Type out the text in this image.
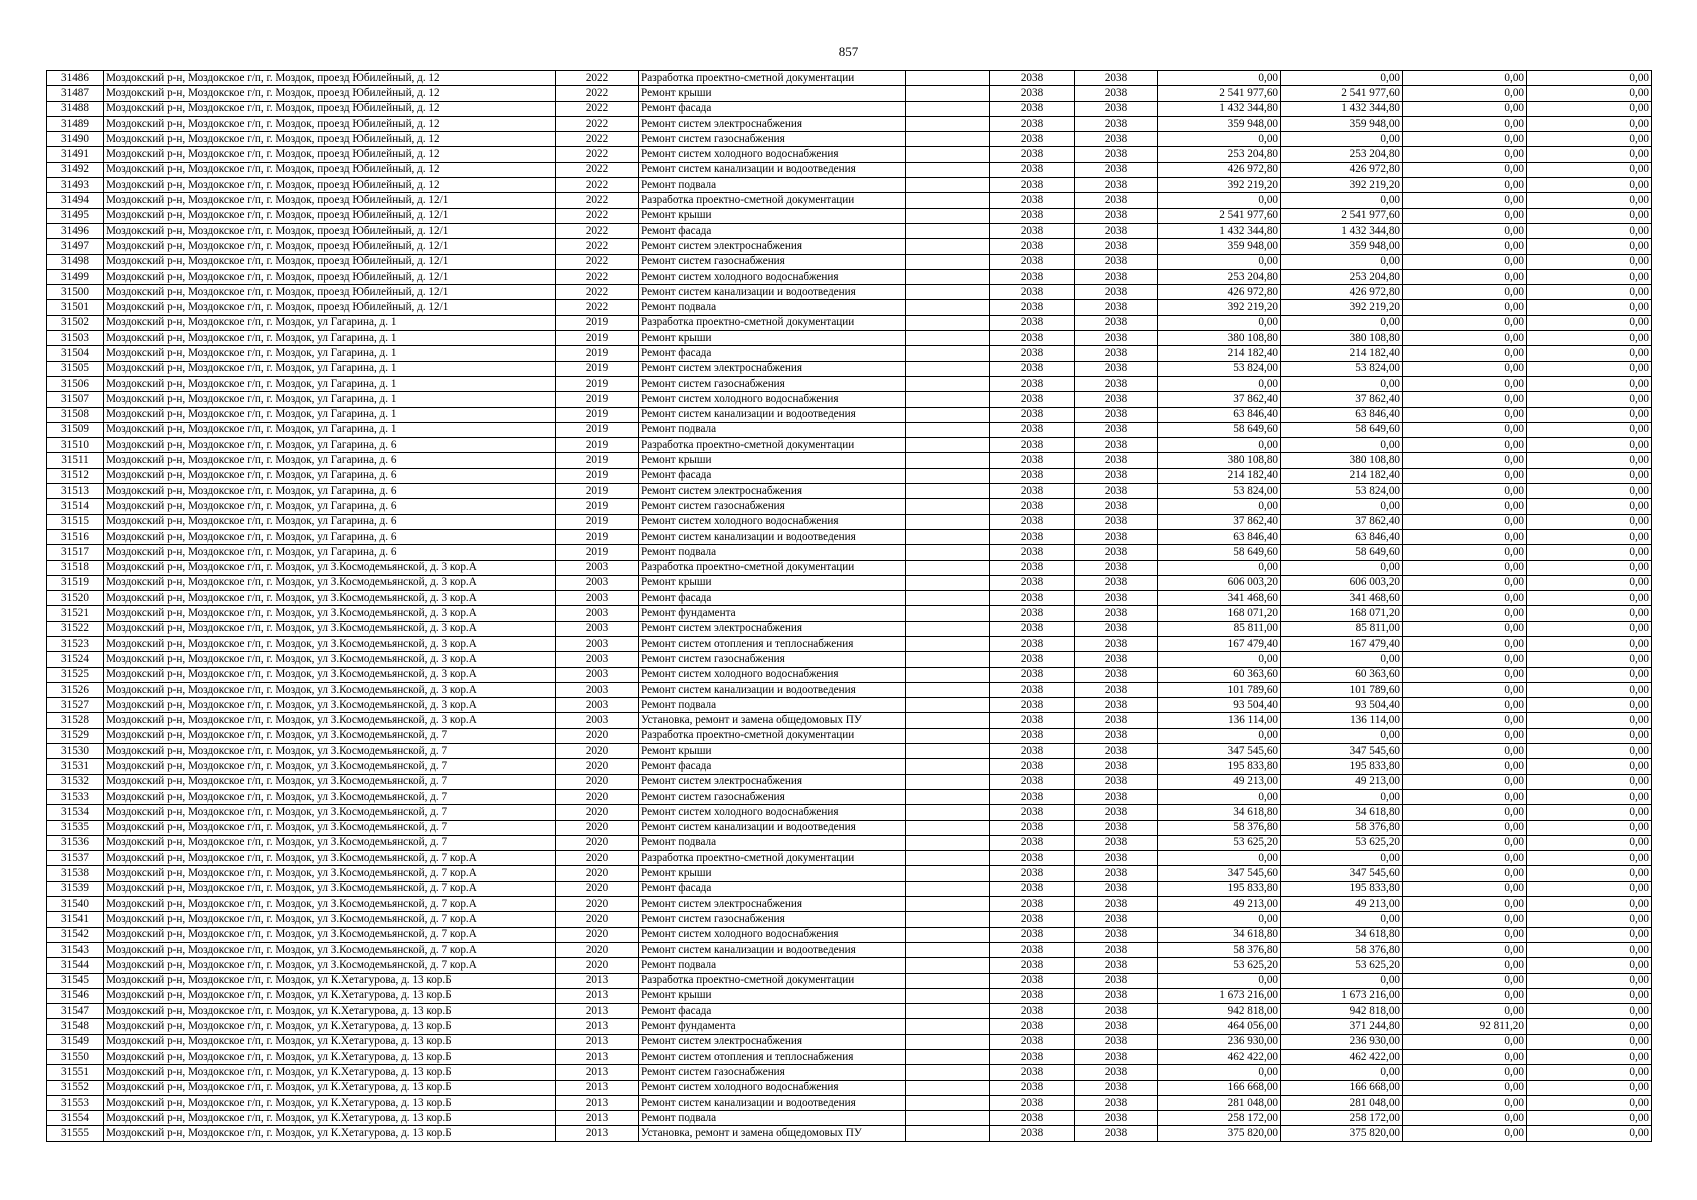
857
31486	Моздокский р-н, Моздокское г/п, г. Моздок, проезд Юбилейный, д. 12	2022	Разработка проектно-сметной документации		2038	2038	0,00	0,00	0,00	0,00
31487	Моздокский р-н, Моздокское г/п, г. Моздок, проезд Юбилейный, д. 12	2022	Ремонт крыши		2038	2038	2 541 977,60	2 541 977,60	0,00	0,00
31488	Моздокский р-н, Моздокское г/п, г. Моздок, проезд Юбилейный, д. 12	2022	Ремонт фасада		2038	2038	1 432 344,80	1 432 344,80	0,00	0,00
31489	Моздокский р-н, Моздокское г/п, г. Моздок, проезд Юбилейный, д. 12	2022	Ремонт систем электроснабжения		2038	2038	359 948,00	359 948,00	0,00	0,00
31490	Моздокский р-н, Моздокское г/п, г. Моздок, проезд Юбилейный, д. 12	2022	Ремонт систем газоснабжения		2038	2038	0,00	0,00	0,00	0,00
31491	Моздокский р-н, Моздокское г/п, г. Моздок, проезд Юбилейный, д. 12	2022	Ремонт систем холодного водоснабжения		2038	2038	253 204,80	253 204,80	0,00	0,00
31492	Моздокский р-н, Моздокское г/п, г. Моздок, проезд Юбилейный, д. 12	2022	Ремонт систем канализации и водоотведения		2038	2038	426 972,80	426 972,80	0,00	0,00
31493	Моздокский р-н, Моздокское г/п, г. Моздок, проезд Юбилейный, д. 12	2022	Ремонт подвала		2038	2038	392 219,20	392 219,20	0,00	0,00
31494	Моздокский р-н, Моздокское г/п, г. Моздок, проезд Юбилейный, д. 12/1	2022	Разработка проектно-сметной документации		2038	2038	0,00	0,00	0,00	0,00
31495	Моздокский р-н, Моздокское г/п, г. Моздок, проезд Юбилейный, д. 12/1	2022	Ремонт крыши		2038	2038	2 541 977,60	2 541 977,60	0,00	0,00
31496	Моздокский р-н, Моздокское г/п, г. Моздок, проезд Юбилейный, д. 12/1	2022	Ремонт фасада		2038	2038	1 432 344,80	1 432 344,80	0,00	0,00
31497	Моздокский р-н, Моздокское г/п, г. Моздок, проезд Юбилейный, д. 12/1	2022	Ремонт систем электроснабжения		2038	2038	359 948,00	359 948,00	0,00	0,00
31498	Моздокский р-н, Моздокское г/п, г. Моздок, проезд Юбилейный, д. 12/1	2022	Ремонт систем газоснабжения		2038	2038	0,00	0,00	0,00	0,00
31499	Моздокский р-н, Моздокское г/п, г. Моздок, проезд Юбилейный, д. 12/1	2022	Ремонт систем холодного водоснабжения		2038	2038	253 204,80	253 204,80	0,00	0,00
31500	Моздокский р-н, Моздокское г/п, г. Моздок, проезд Юбилейный, д. 12/1	2022	Ремонт систем канализации и водоотведения		2038	2038	426 972,80	426 972,80	0,00	0,00
31501	Моздокский р-н, Моздокское г/п, г. Моздок, проезд Юбилейный, д. 12/1	2022	Ремонт подвала		2038	2038	392 219,20	392 219,20	0,00	0,00
31502	Моздокский р-н, Моздокское г/п, г. Моздок, ул Гагарина, д. 1	2019	Разработка проектно-сметной документации		2038	2038	0,00	0,00	0,00	0,00
31503	Моздокский р-н, Моздокское г/п, г. Моздок, ул Гагарина, д. 1	2019	Ремонт крыши		2038	2038	380 108,80	380 108,80	0,00	0,00
31504	Моздокский р-н, Моздокское г/п, г. Моздок, ул Гагарина, д. 1	2019	Ремонт фасада		2038	2038	214 182,40	214 182,40	0,00	0,00
31505	Моздокский р-н, Моздокское г/п, г. Моздок, ул Гагарина, д. 1	2019	Ремонт систем электроснабжения		2038	2038	53 824,00	53 824,00	0,00	0,00
31506	Моздокский р-н, Моздокское г/п, г. Моздок, ул Гагарина, д. 1	2019	Ремонт систем газоснабжения		2038	2038	0,00	0,00	0,00	0,00
31507	Моздокский р-н, Моздокское г/п, г. Моздок, ул Гагарина, д. 1	2019	Ремонт систем холодного водоснабжения		2038	2038	37 862,40	37 862,40	0,00	0,00
31508	Моздокский р-н, Моздокское г/п, г. Моздок, ул Гагарина, д. 1	2019	Ремонт систем канализации и водоотведения		2038	2038	63 846,40	63 846,40	0,00	0,00
31509	Моздокский р-н, Моздокское г/п, г. Моздок, ул Гагарина, д. 1	2019	Ремонт подвала		2038	2038	58 649,60	58 649,60	0,00	0,00
31510	Моздокский р-н, Моздокское г/п, г. Моздок, ул Гагарина, д. 6	2019	Разработка проектно-сметной документации		2038	2038	0,00	0,00	0,00	0,00
31511	Моздокский р-н, Моздокское г/п, г. Моздок, ул Гагарина, д. 6	2019	Ремонт крыши		2038	2038	380 108,80	380 108,80	0,00	0,00
31512	Моздокский р-н, Моздокское г/п, г. Моздок, ул Гагарина, д. 6	2019	Ремонт фасада		2038	2038	214 182,40	214 182,40	0,00	0,00
31513	Моздокский р-н, Моздокское г/п, г. Моздок, ул Гагарина, д. 6	2019	Ремонт систем электроснабжения		2038	2038	53 824,00	53 824,00	0,00	0,00
31514	Моздокский р-н, Моздокское г/п, г. Моздок, ул Гагарина, д. 6	2019	Ремонт систем газоснабжения		2038	2038	0,00	0,00	0,00	0,00
31515	Моздокский р-н, Моздокское г/п, г. Моздок, ул Гагарина, д. 6	2019	Ремонт систем холодного водоснабжения		2038	2038	37 862,40	37 862,40	0,00	0,00
31516	Моздокский р-н, Моздокское г/п, г. Моздок, ул Гагарина, д. 6	2019	Ремонт систем канализации и водоотведения		2038	2038	63 846,40	63 846,40	0,00	0,00
31517	Моздокский р-н, Моздокское г/п, г. Моздок, ул Гагарина, д. 6	2019	Ремонт подвала		2038	2038	58 649,60	58 649,60	0,00	0,00
31518	Моздокский р-н, Моздокское г/п, г. Моздок, ул З.Космодемьянской, д. 3 кор.А	2003	Разработка проектно-сметной документации		2038	2038	0,00	0,00	0,00	0,00
31519	Моздокский р-н, Моздокское г/п, г. Моздок, ул З.Космодемьянской, д. 3 кор.А	2003	Ремонт крыши		2038	2038	606 003,20	606 003,20	0,00	0,00
31520	Моздокский р-н, Моздокское г/п, г. Моздок, ул З.Космодемьянской, д. 3 кор.А	2003	Ремонт фасада		2038	2038	341 468,60	341 468,60	0,00	0,00
31521	Моздокский р-н, Моздокское г/п, г. Моздок, ул З.Космодемьянской, д. 3 кор.А	2003	Ремонт фундамента		2038	2038	168 071,20	168 071,20	0,00	0,00
31522	Моздокский р-н, Моздокское г/п, г. Моздок, ул З.Космодемьянской, д. 3 кор.А	2003	Ремонт систем электроснабжения		2038	2038	85 811,00	85 811,00	0,00	0,00
31523	Моздокский р-н, Моздокское г/п, г. Моздок, ул З.Космодемьянской, д. 3 кор.А	2003	Ремонт систем отопления и теплоснабжения		2038	2038	167 479,40	167 479,40	0,00	0,00
31524	Моздокский р-н, Моздокское г/п, г. Моздок, ул З.Космодемьянской, д. 3 кор.А	2003	Ремонт систем газоснабжения		2038	2038	0,00	0,00	0,00	0,00
31525	Моздокский р-н, Моздокское г/п, г. Моздок, ул З.Космодемьянской, д. 3 кор.А	2003	Ремонт систем холодного водоснабжения		2038	2038	60 363,60	60 363,60	0,00	0,00
31526	Моздокский р-н, Моздокское г/п, г. Моздок, ул З.Космодемьянской, д. 3 кор.А	2003	Ремонт систем канализации и водоотведения		2038	2038	101 789,60	101 789,60	0,00	0,00
31527	Моздокский р-н, Моздокское г/п, г. Моздок, ул З.Космодемьянской, д. 3 кор.А	2003	Ремонт подвала		2038	2038	93 504,40	93 504,40	0,00	0,00
31528	Моздокский р-н, Моздокское г/п, г. Моздок, ул З.Космодемьянской, д. 3 кор.А	2003	Установка, ремонт и замена общедомовых ПУ		2038	2038	136 114,00	136 114,00	0,00	0,00
31529	Моздокский р-н, Моздокское г/п, г. Моздок, ул З.Космодемьянской, д. 7	2020	Разработка проектно-сметной документации		2038	2038	0,00	0,00	0,00	0,00
31530	Моздокский р-н, Моздокское г/п, г. Моздок, ул З.Космодемьянской, д. 7	2020	Ремонт крыши		2038	2038	347 545,60	347 545,60	0,00	0,00
31531	Моздокский р-н, Моздокское г/п, г. Моздок, ул З.Космодемьянской, д. 7	2020	Ремонт фасада		2038	2038	195 833,80	195 833,80	0,00	0,00
31532	Моздокский р-н, Моздокское г/п, г. Моздок, ул З.Космодемьянской, д. 7	2020	Ремонт систем электроснабжения		2038	2038	49 213,00	49 213,00	0,00	0,00
31533	Моздокский р-н, Моздокское г/п, г. Моздок, ул З.Космодемьянской, д. 7	2020	Ремонт систем газоснабжения		2038	2038	0,00	0,00	0,00	0,00
31534	Моздокский р-н, Моздокское г/п, г. Моздок, ул З.Космодемьянской, д. 7	2020	Ремонт систем холодного водоснабжения		2038	2038	34 618,80	34 618,80	0,00	0,00
31535	Моздокский р-н, Моздокское г/п, г. Моздок, ул З.Космодемьянской, д. 7	2020	Ремонт систем канализации и водоотведения		2038	2038	58 376,80	58 376,80	0,00	0,00
31536	Моздокский р-н, Моздокское г/п, г. Моздок, ул З.Космодемьянской, д. 7	2020	Ремонт подвала		2038	2038	53 625,20	53 625,20	0,00	0,00
31537	Моздокский р-н, Моздокское г/п, г. Моздок, ул З.Космодемьянской, д. 7 кор.А	2020	Разработка проектно-сметной документации		2038	2038	0,00	0,00	0,00	0,00
31538	Моздокский р-н, Моздокское г/п, г. Моздок, ул З.Космодемьянской, д. 7 кор.А	2020	Ремонт крыши		2038	2038	347 545,60	347 545,60	0,00	0,00
31539	Моздокский р-н, Моздокское г/п, г. Моздок, ул З.Космодемьянской, д. 7 кор.А	2020	Ремонт фасада		2038	2038	195 833,80	195 833,80	0,00	0,00
31540	Моздокский р-н, Моздокское г/п, г. Моздок, ул З.Космодемьянской, д. 7 кор.А	2020	Ремонт систем электроснабжения		2038	2038	49 213,00	49 213,00	0,00	0,00
31541	Моздокский р-н, Моздокское г/п, г. Моздок, ул З.Космодемьянской, д. 7 кор.А	2020	Ремонт систем газоснабжения		2038	2038	0,00	0,00	0,00	0,00
31542	Моздокский р-н, Моздокское г/п, г. Моздок, ул З.Космодемьянской, д. 7 кор.А	2020	Ремонт систем холодного водоснабжения		2038	2038	34 618,80	34 618,80	0,00	0,00
31543	Моздокский р-н, Моздокское г/п, г. Моздок, ул З.Космодемьянской, д. 7 кор.А	2020	Ремонт систем канализации и водоотведения		2038	2038	58 376,80	58 376,80	0,00	0,00
31544	Моздокский р-н, Моздокское г/п, г. Моздок, ул З.Космодемьянской, д. 7 кор.А	2020	Ремонт подвала		2038	2038	53 625,20	53 625,20	0,00	0,00
31545	Моздокский р-н, Моздокское г/п, г. Моздок, ул К.Хетагурова, д. 13 кор.Б	2013	Разработка проектно-сметной документации		2038	2038	0,00	0,00	0,00	0,00
31546	Моздокский р-н, Моздокское г/п, г. Моздок, ул К.Хетагурова, д. 13 кор.Б	2013	Ремонт крыши		2038	2038	1 673 216,00	1 673 216,00	0,00	0,00
31547	Моздокский р-н, Моздокское г/п, г. Моздок, ул К.Хетагурова, д. 13 кор.Б	2013	Ремонт фасада		2038	2038	942 818,00	942 818,00	0,00	0,00
31548	Моздокский р-н, Моздокское г/п, г. Моздок, ул К.Хетагурова, д. 13 кор.Б	2013	Ремонт фундамента		2038	2038	464 056,00	371 244,80	92 811,20	0,00
31549	Моздокский р-н, Моздокское г/п, г. Моздок, ул К.Хетагурова, д. 13 кор.Б	2013	Ремонт систем электроснабжения		2038	2038	236 930,00	236 930,00	0,00	0,00
31550	Моздокский р-н, Моздокское г/п, г. Моздок, ул К.Хетагурова, д. 13 кор.Б	2013	Ремонт систем отопления и теплоснабжения		2038	2038	462 422,00	462 422,00	0,00	0,00
31551	Моздокский р-н, Моздокское г/п, г. Моздок, ул К.Хетагурова, д. 13 кор.Б	2013	Ремонт систем газоснабжения		2038	2038	0,00	0,00	0,00	0,00
31552	Моздокский р-н, Моздокское г/п, г. Моздок, ул К.Хетагурова, д. 13 кор.Б	2013	Ремонт систем холодного водоснабжения		2038	2038	166 668,00	166 668,00	0,00	0,00
31553	Моздокский р-н, Моздокское г/п, г. Моздок, ул К.Хетагурова, д. 13 кор.Б	2013	Ремонт систем канализации и водоотведения		2038	2038	281 048,00	281 048,00	0,00	0,00
31554	Моздокский р-н, Моздокское г/п, г. Моздок, ул К.Хетагурова, д. 13 кор.Б	2013	Ремонт подвала		2038	2038	258 172,00	258 172,00	0,00	0,00
31555	Моздокский р-н, Моздокское г/п, г. Моздок, ул К.Хетагурова, д. 13 кор.Б	2013	Установка, ремонт и замена общедомовых ПУ		2038	2038	375 820,00	375 820,00	0,00	0,00
